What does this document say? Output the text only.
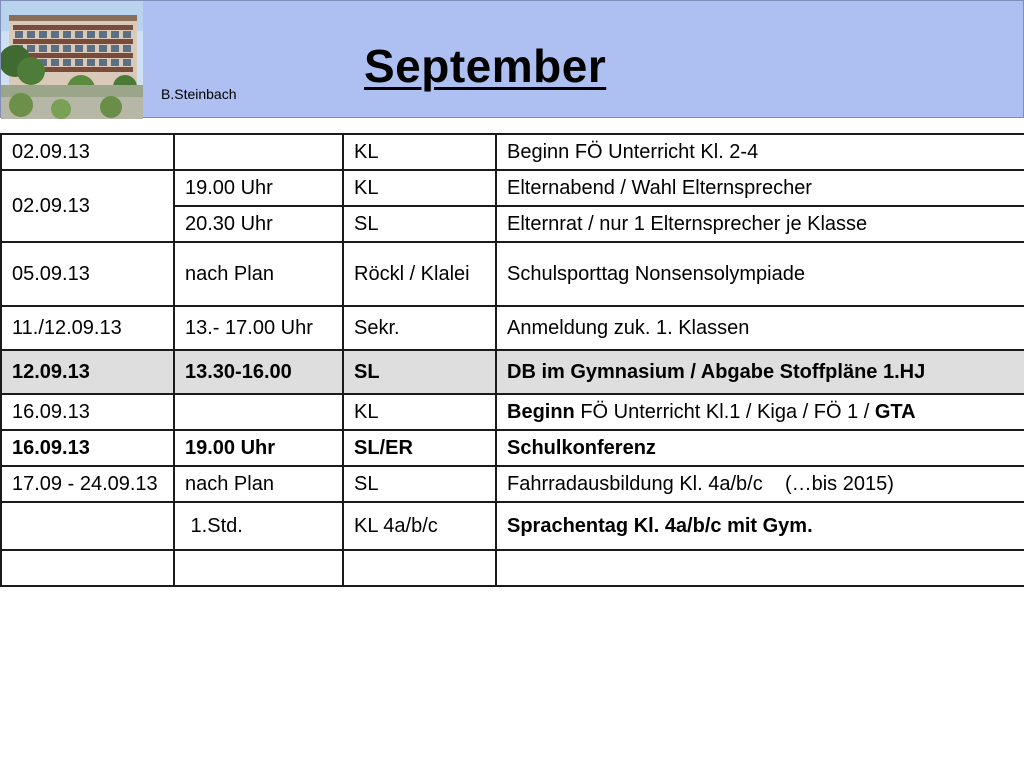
B.Steinbach
September
02.09.13		KL	Beginn FÖ Unterricht Kl. 2-4
02.09.13	19.00 Uhr	KL	Elternabend / Wahl Elternsprecher
	20.30 Uhr	SL	Elternrat / nur 1 Elternsprecher je Klasse
05.09.13	nach Plan	Röckl / Klalei	Schulsporttag Nonsensolympiade
11./12.09.13	13.- 17.00 Uhr	Sekr.	Anmeldung zuk. 1. Klassen
12.09.13	13.30-16.00	SL	DB im Gymnasium / Abgabe Stoffpläne 1.HJ
16.09.13		KL	Beginn FÖ Unterricht Kl.1 / Kiga / FÖ 1 / GTA
16.09.13	19.00 Uhr	SL/ER	Schulkonferenz
17.09 - 24.09.13	nach Plan	SL	Fahrradausbildung Kl. 4a/b/c    (…bis 2015)
	1.Std.	KL 4a/b/c	Sprachentag Kl. 4a/b/c mit Gym.
